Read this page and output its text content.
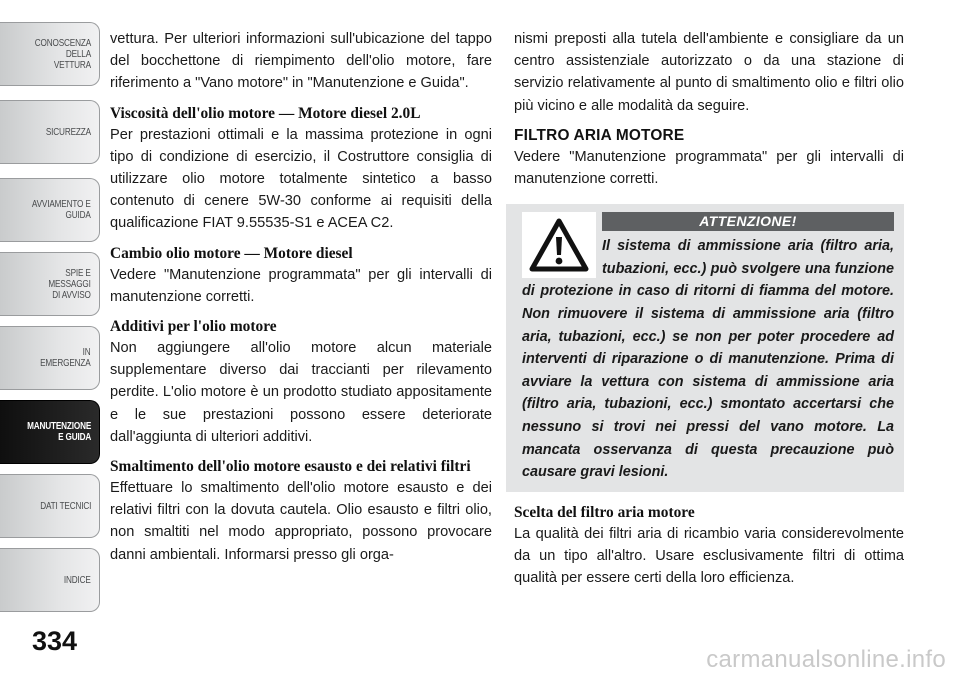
CONOSCENZA DELLA
VETTURA
SICUREZZA
AVVIAMENTO E
GUIDA
SPIE E
MESSAGGI
DI AVVISO
IN
EMERGENZA
MANUTENZIONE
E GUIDA
DATI TECNICI
INDICE
334

vettura. Per ulteriori informazioni sull'ubicazione del tappo del bocchettone di riempimento dell'olio motore, fare riferimento a "Vano motore" in "Manutenzione e Guida".

Viscosità dell'olio motore — Motore diesel 2.0L

Per prestazioni ottimali e la massima protezione in ogni tipo di condizione di esercizio, il Costruttore consiglia di utilizzare olio motore totalmente sintetico a basso contenuto di cenere 5W-30 conforme ai requisiti della qualificazione FIAT 9.55535-S1 e ACEA C2.

Cambio olio motore — Motore diesel

Vedere "Manutenzione programmata" per gli intervalli di manutenzione corretti.

Additivi per l'olio motore

Non aggiungere all'olio motore alcun materiale supplementare diverso dai traccianti per rilevamento perdite. L'olio motore è un prodotto studiato appositamente e le sue prestazioni possono essere deteriorate dall'aggiunta di ulteriori additivi.

Smaltimento dell'olio motore esausto e dei relativi filtri

Effettuare lo smaltimento dell'olio motore esausto e dei relativi filtri con la dovuta cautela. Olio esausto e filtri olio, non smaltiti nel modo appropriato, possono provocare danni ambientali. Informarsi presso gli orga-

nismi preposti alla tutela dell'ambiente e consigliare da un centro assistenziale autorizzato o da una stazione di servizio relativamente al punto di smaltimento olio e filtri olio più vicino e alle modalità da seguire.

FILTRO ARIA MOTORE

Vedere "Manutenzione programmata" per gli intervalli di manutenzione corretti.

ATTENZIONE!

Il sistema di ammissione aria (filtro aria, tubazioni, ecc.) può svolgere una funzione di protezione in caso di ritorni di fiamma del motore. Non rimuovere il sistema di ammissione aria (filtro aria, tubazioni, ecc.) se non per poter procedere ad interventi di riparazione o di manutenzione. Prima di avviare la vettura con sistema di ammissione aria (filtro aria, tubazioni, ecc.) smontato accertarsi che nessuno si trovi nei pressi del vano motore. La mancata osservanza di questa precauzione può causare gravi lesioni.

Scelta del filtro aria motore

La qualità dei filtri aria di ricambio varia considerevolmente da un tipo all'altro. Usare esclusivamente filtri di ottima qualità per essere certi della loro efficienza.

carmanualsonline.info
